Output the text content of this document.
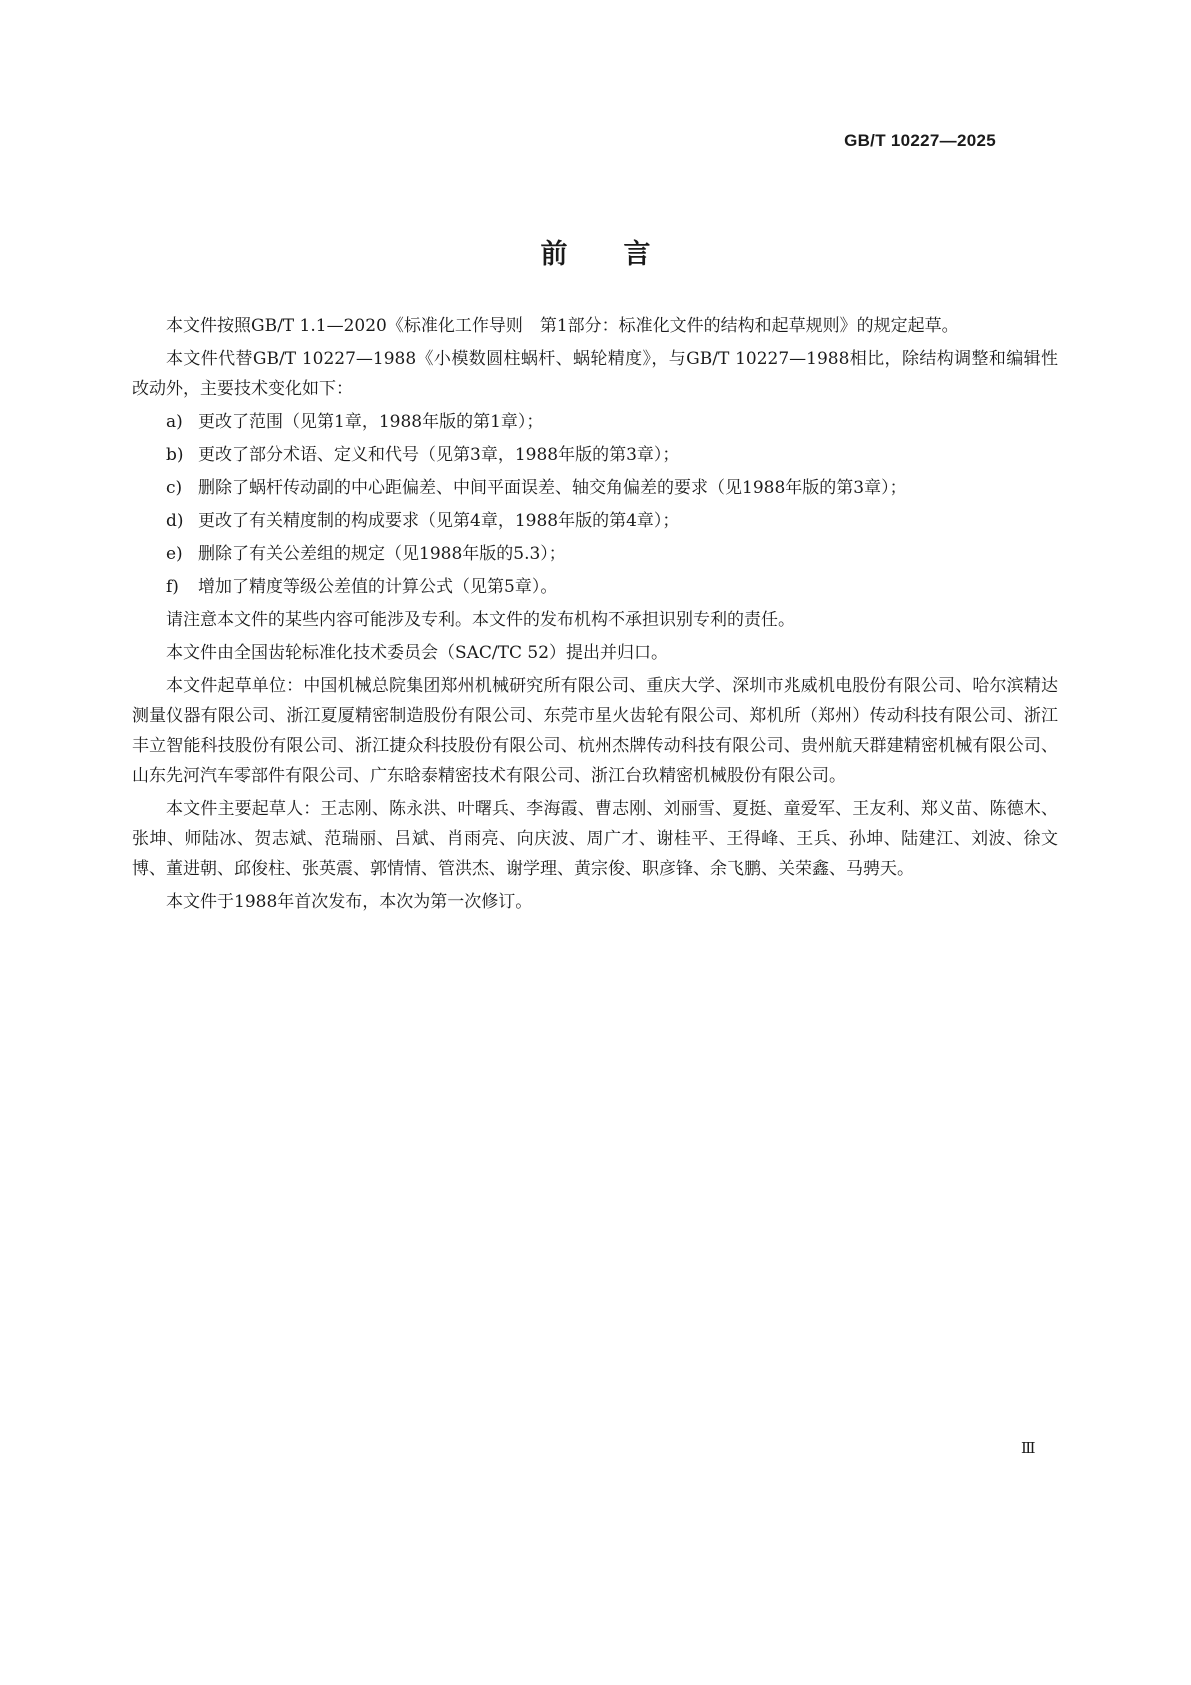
GB/T 10227—2025
前言

本文件按照GB/T 1.1—2020《标准化工作导则　第1部分：标准化文件的结构和起草规则》的规定起草。

本文件代替GB/T 10227—1988《小模数圆柱蜗杆、蜗轮精度》，与GB/T 10227—1988相比，除结构调整和编辑性改动外，主要技术变化如下：

a) 更改了范围（见第1章，1988年版的第1章）；
b) 更改了部分术语、定义和代号（见第3章，1988年版的第3章）；
c) 删除了蜗杆传动副的中心距偏差、中间平面误差、轴交角偏差的要求（见1988年版的第3章）；
d) 更改了有关精度制的构成要求（见第4章，1988年版的第4章）；
e) 删除了有关公差组的规定（见1988年版的5.3）；
f) 增加了精度等级公差值的计算公式（见第5章）。

请注意本文件的某些内容可能涉及专利。本文件的发布机构不承担识别专利的责任。

本文件由全国齿轮标准化技术委员会（SAC/TC 52）提出并归口。

本文件起草单位：中国机械总院集团郑州机械研究所有限公司、重庆大学、深圳市兆威机电股份有限公司、哈尔滨精达测量仪器有限公司、浙江夏厦精密制造股份有限公司、东莞市星火齿轮有限公司、郑机所（郑州）传动科技有限公司、浙江丰立智能科技股份有限公司、浙江捷众科技股份有限公司、杭州杰牌传动科技有限公司、贵州航天群建精密机械有限公司、山东先河汽车零部件有限公司、广东晗泰精密技术有限公司、浙江台玖精密机械股份有限公司。

本文件主要起草人：王志刚、陈永洪、叶曙兵、李海霞、曹志刚、刘丽雪、夏挺、童爱军、王友利、郑义苗、陈德木、张坤、师陆冰、贺志斌、范瑞丽、吕斌、肖雨亮、向庆波、周广才、谢桂平、王得峰、王兵、孙坤、陆建江、刘波、徐文博、董进朝、邱俊柱、张英震、郭情情、管洪杰、谢学理、黄宗俊、职彦锋、余飞鹏、关荣鑫、马骋天。

本文件于1988年首次发布，本次为第一次修订。

Ⅲ
